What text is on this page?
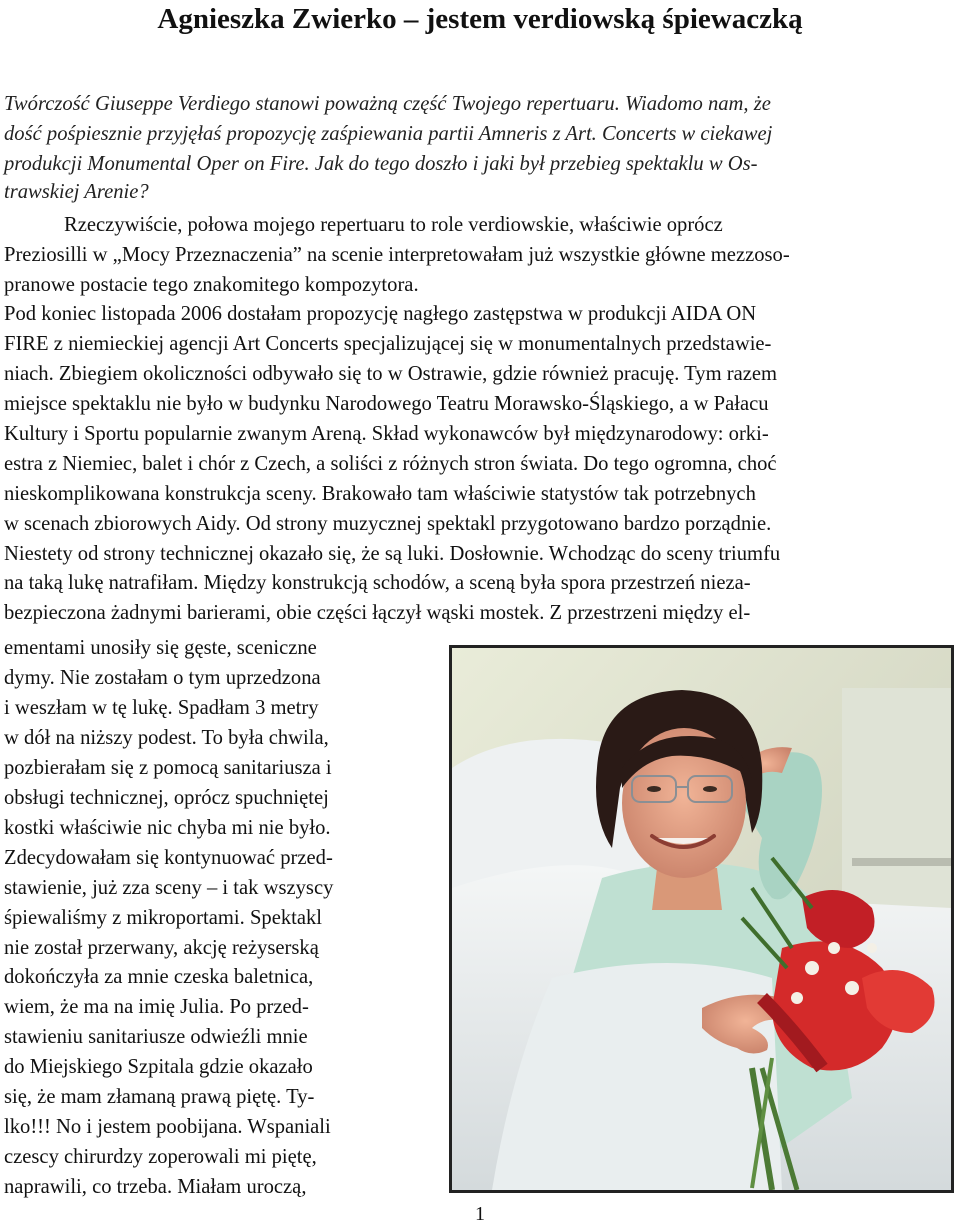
Agnieszka Zwierko – jestem verdiowską śpiewaczką
Twórczość Giuseppe Verdiego stanowi poważną część Twojego repertuaru. Wiadomo nam, że
dość pośpiesznie przyjęłaś propozycję zaśpiewania partii Amneris z Art. Concerts w ciekawej
produkcji Monumental Oper on Fire. Jak do tego doszło i jaki był przebieg spektaklu w Os-
trawskiej Arenie?
Rzeczywiście, połowa mojego repertuaru to role verdiowskie, właściwie oprócz
Preziosilli w „Mocy Przeznaczenia” na scenie interpretowałam już wszystkie główne mezzoso-
pranowe postacie tego znakomitego kompozytora.
Pod koniec listopada 2006 dostałam propozycję nagłego zastępstwa w produkcji AIDA ON
FIRE z niemieckiej agencji Art Concerts specjalizującej się w monumentalnych przedstawie-
niach. Zbiegiem okoliczności odbywało się to w Ostrawie, gdzie również pracuję. Tym razem
miejsce spektaklu nie było w budynku Narodowego Teatru Morawsko-Śląskiego, a w Pałacu
Kultury i Sportu popularnie zwanym Areną. Skład wykonawców był międzynarodowy: orki-
estra z Niemiec, balet i chór z Czech, a soliści z różnych stron świata. Do tego ogromna, choć
nieskomplikowana konstrukcja sceny. Brakowało tam właściwie statystów tak potrzebnych
w scenach zbiorowych Aidy. Od strony muzycznej spektakl przygotowano bardzo porządnie.
Niestety od strony technicznej okazało się, że są luki. Dosłownie. Wchodząc do sceny triumfu
na taką lukę natrafiłam. Między konstrukcją schodów, a sceną była spora przestrzeń nieza-
bezpieczona żadnymi barierami, obie części łączył wąski mostek. Z przestrzeni między el-
ementami unosiły się gęste, sceniczne
dymy. Nie zostałam o tym uprzedzona
i weszłam w tę lukę. Spadłam 3 metry
w dół na niższy podest. To była chwila,
pozbierałam się z pomocą sanitariusza i
obsługi technicznej, oprócz spuchniętej
kostki właściwie nic chyba mi nie było.
Zdecydowałam się kontynuować przed-
stawienie, już zza sceny – i tak wszyscy
śpiewaliśmy z mikroportami. Spektakl
nie został przerwany, akcję reżyserską
dokończyła za mnie czeska baletnica,
wiem, że ma na imię Julia. Po przed-
stawieniu sanitariusze odwieźli mnie
do Miejskiego Szpitala gdzie okazało
się, że mam złamaną prawą piętę. Ty-
lko!!! No i jestem poobijana. Wspaniali
czescy chirurdzy zoperowali mi piętę,
naprawili, co trzeba. Miałam uroczą,
1
